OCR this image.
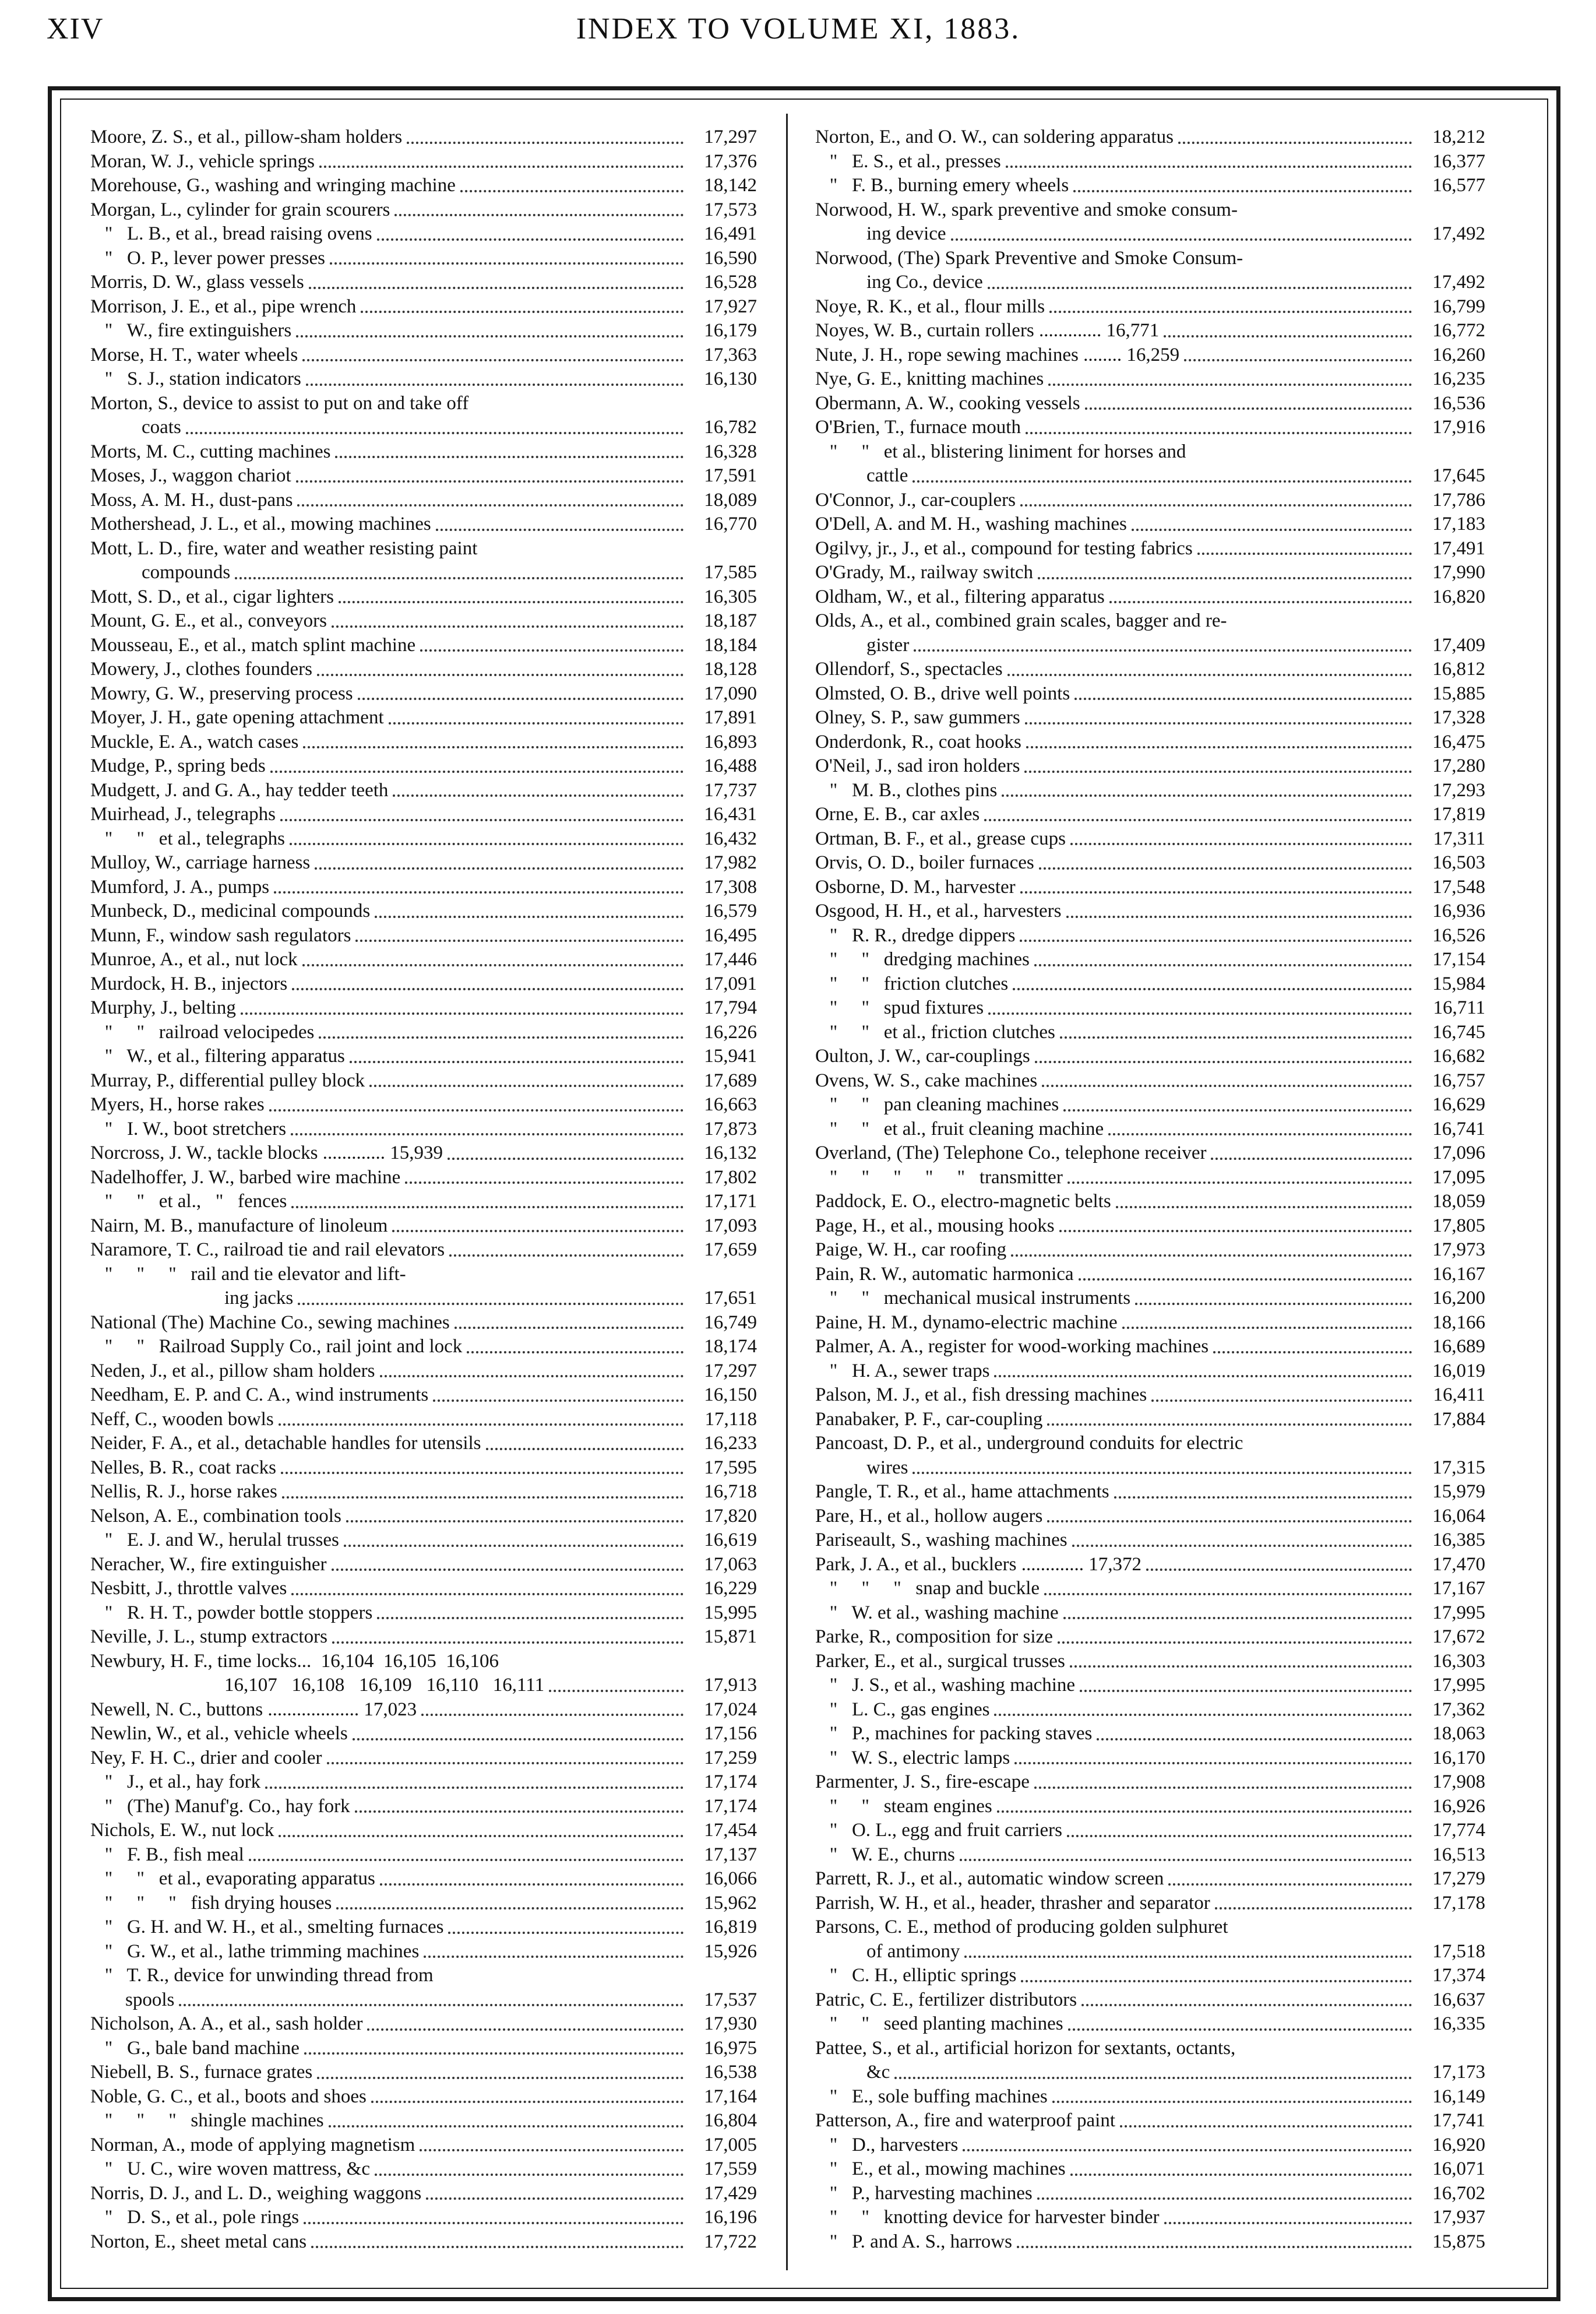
XIV	INDEX TO VOLUME XI, 1883.
Moore, Z. S., et al., pillow-sham holders	17,297
Moran, W. J., vehicle springs	17,376
Morehouse, G., washing and wringing machine	18,142
Morgan, L., cylinder for grain scourers	17,573
"   L. B., et al., bread raising ovens	16,491
"   O. P., lever power presses	16,590
Morris, D. W., glass vessels	16,528
Morrison, J. E., et al., pipe wrench	17,927
"   W., fire extinguishers	16,179
Morse, H. T., water wheels	17,363
"   S. J., station indicators	16,130
Morton, S., device to assist to put on and take off
coats	16,782
Morts, M. C., cutting machines	16,328
Moses, J., waggon chariot	17,591
Moss, A. M. H., dust-pans	18,089
Mothershead, J. L., et al., mowing machines	16,770
Mott, L. D., fire, water and weather resisting paint
compounds	17,585
Mott, S. D., et al., cigar lighters	16,305
Mount, G. E., et al., conveyors	18,187
Mousseau, E., et al., match splint machine	18,184
Mowery, J., clothes founders	18,128
Mowry, G. W., preserving process	17,090
Moyer, J. H., gate opening attachment	17,891
Muckle, E. A., watch cases	16,893
Mudge, P., spring beds	16,488
Mudgett, J. and G. A., hay tedder teeth	17,737
Muirhead, J., telegraphs	16,431
"     "   et al., telegraphs	16,432
Mulloy, W., carriage harness	17,982
Mumford, J. A., pumps	17,308
Munbeck, D., medicinal compounds	16,579
Munn, F., window sash regulators	16,495
Munroe, A., et al., nut lock	17,446
Murdock, H. B., injectors	17,091
Murphy, J., belting	17,794
"     "   railroad velocipedes	16,226
"   W., et al., filtering apparatus	15,941
Murray, P., differential pulley block	17,689
Myers, H., horse rakes	16,663
"   I. W., boot stretchers	17,873
Norcross, J. W., tackle blocks ............. 15,939	16,132
Nadelhoffer, J. W., barbed wire machine	17,802
"     "   et al.,   "   fences	17,171
Nairn, M. B., manufacture of linoleum	17,093
Naramore, T. C., railroad tie and rail elevators	17,659
"     "     "   rail and tie elevator and lift-
ing jacks	17,651
National (The) Machine Co., sewing machines	16,749
"     "   Railroad Supply Co., rail joint and lock	18,174
Neden, J., et al., pillow sham holders	17,297
Needham, E. P. and C. A., wind instruments	16,150
Neff, C., wooden bowls	17,118
Neider, F. A., et al., detachable handles for utensils	16,233
Nelles, B. R., coat racks	17,595
Nellis, R. J., horse rakes	16,718
Nelson, A. E., combination tools	17,820
"   E. J. and W., herulal trusses	16,619
Neracher, W., fire extinguisher	17,063
Nesbitt, J., throttle valves	16,229
"   R. H. T., powder bottle stoppers	15,995
Neville, J. L., stump extractors	15,871
Newbury, H. F., time locks...  16,104  16,105  16,106
16,107   16,108   16,109   16,110   16,111	17,913
Newell, N. C., buttons ................... 17,023	17,024
Newlin, W., et al., vehicle wheels	17,156
Ney, F. H. C., drier and cooler	17,259
"   J., et al., hay fork	17,174
"   (The) Manuf'g. Co., hay fork	17,174
Nichols, E. W., nut lock	17,454
"   F. B., fish meal	17,137
"     "   et al., evaporating apparatus	16,066
"     "     "   fish drying houses	15,962
"   G. H. and W. H., et al., smelting furnaces	16,819
"   G. W., et al., lathe trimming machines	15,926
"   T. R., device for unwinding thread from
spools	17,537
Nicholson, A. A., et al., sash holder	17,930
"   G., bale band machine	16,975
Niebell, B. S., furnace grates	16,538
Noble, G. C., et al., boots and shoes	17,164
"     "     "   shingle machines	16,804
Norman, A., mode of applying magnetism	17,005
"   U. C., wire woven mattress, &c	17,559
Norris, D. J., and L. D., weighing waggons	17,429
"   D. S., et al., pole rings	16,196
Norton, E., sheet metal cans	17,722
Norton, E., and O. W., can soldering apparatus	18,212
"   E. S., et al., presses	16,377
"   F. B., burning emery wheels	16,577
Norwood, H. W., spark preventive and smoke consum-
ing device	17,492
Norwood, (The) Spark Preventive and Smoke Consum-
ing Co., device	17,492
Noye, R. K., et al., flour mills	16,799
Noyes, W. B., curtain rollers ............. 16,771	16,772
Nute, J. H., rope sewing machines ........ 16,259	16,260
Nye, G. E., knitting machines	16,235
Obermann, A. W., cooking vessels	16,536
O'Brien, T., furnace mouth	17,916
"     "   et al., blistering liniment for horses and
cattle	17,645
O'Connor, J., car-couplers	17,786
O'Dell, A. and M. H., washing machines	17,183
Ogilvy, jr., J., et al., compound for testing fabrics	17,491
O'Grady, M., railway switch	17,990
Oldham, W., et al., filtering apparatus	16,820
Olds, A., et al., combined grain scales, bagger and re-
gister	17,409
Ollendorf, S., spectacles	16,812
Olmsted, O. B., drive well points	15,885
Olney, S. P., saw gummers	17,328
Onderdonk, R., coat hooks	16,475
O'Neil, J., sad iron holders	17,280
"   M. B., clothes pins	17,293
Orne, E. B., car axles	17,819
Ortman, B. F., et al., grease cups	17,311
Orvis, O. D., boiler furnaces	16,503
Osborne, D. M., harvester	17,548
Osgood, H. H., et al., harvesters	16,936
"   R. R., dredge dippers	16,526
"     "   dredging machines	17,154
"     "   friction clutches	15,984
"     "   spud fixtures	16,711
"     "   et al., friction clutches	16,745
Oulton, J. W., car-couplings	16,682
Ovens, W. S., cake machines	16,757
"     "   pan cleaning machines	16,629
"     "   et al., fruit cleaning machine	16,741
Overland, (The) Telephone Co., telephone receiver	17,096
"     "     "     "     "   transmitter	17,095
Paddock, E. O., electro-magnetic belts	18,059
Page, H., et al., mousing hooks	17,805
Paige, W. H., car roofing	17,973
Pain, R. W., automatic harmonica	16,167
"     "   mechanical musical instruments	16,200
Paine, H. M., dynamo-electric machine	18,166
Palmer, A. A., register for wood-working machines	16,689
"   H. A., sewer traps	16,019
Palson, M. J., et al., fish dressing machines	16,411
Panabaker, P. F., car-coupling	17,884
Pancoast, D. P., et al., underground conduits for electric
wires	17,315
Pangle, T. R., et al., hame attachments	15,979
Pare, H., et al., hollow augers	16,064
Pariseault, S., washing machines	16,385
Park, J. A., et al., bucklers ............. 17,372	17,470
"     "     "   snap and buckle	17,167
"   W. et al., washing machine	17,995
Parke, R., composition for size	17,672
Parker, E., et al., surgical trusses	16,303
"   J. S., et al., washing machine	17,995
"   L. C., gas engines	17,362
"   P., machines for packing staves	18,063
"   W. S., electric lamps	16,170
Parmenter, J. S., fire-escape	17,908
"     "   steam engines	16,926
"   O. L., egg and fruit carriers	17,774
"   W. E., churns	16,513
Parrett, R. J., et al., automatic window screen	17,279
Parrish, W. H., et al., header, thrasher and separator	17,178
Parsons, C. E., method of producing golden sulphuret
of antimony	17,518
"   C. H., elliptic springs	17,374
Patric, C. E., fertilizer distributors	16,637
"     "   seed planting machines	16,335
Pattee, S., et al., artificial horizon for sextants, octants,
&c	17,173
"   E., sole buffing machines	16,149
Patterson, A., fire and waterproof paint	17,741
"   D., harvesters	16,920
"   E., et al., mowing machines	16,071
"   P., harvesting machines	16,702
"     "   knotting device for harvester binder	17,937
"   P. and A. S., harrows	15,875
